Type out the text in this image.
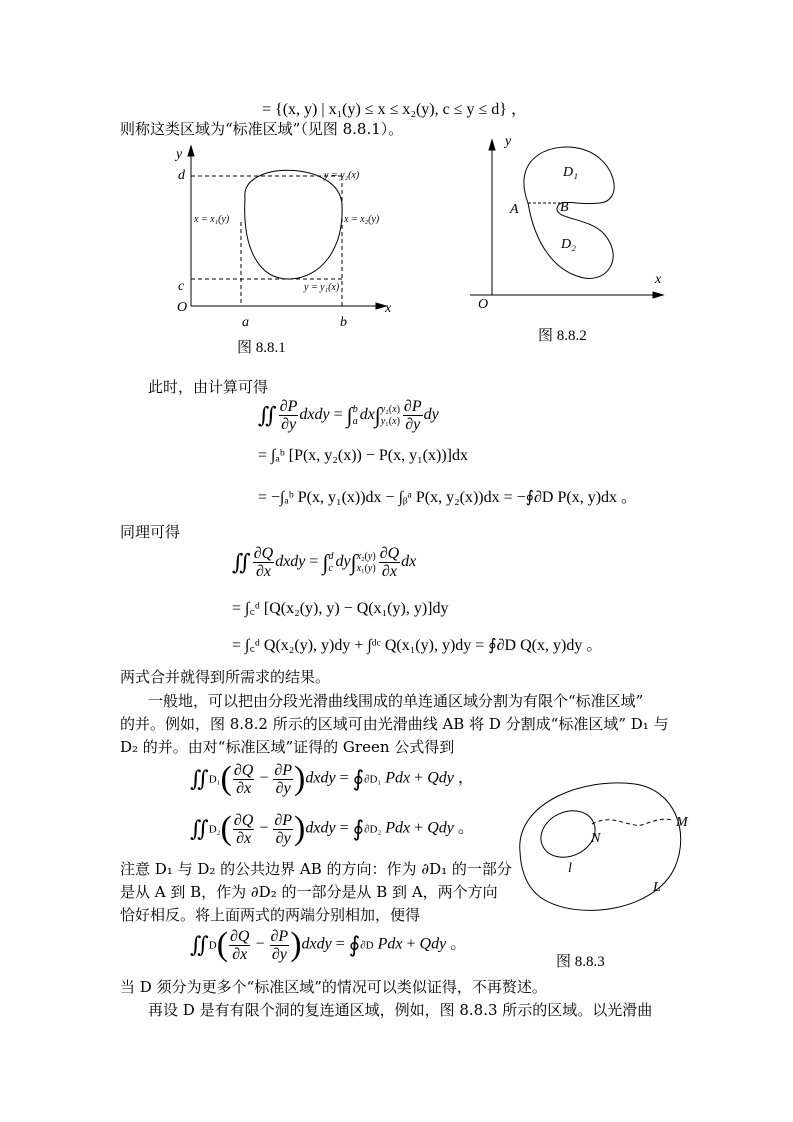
= {(x, y) | x₁(y) ≤ x ≤ x₂(y), c ≤ y ≤ d} ，
则称这类区域为“标准区域”（见图 8.8.1）。
y
d
c
O
a	b
x
y = y₂(x)
x = x₁(y)	x = x₂(y)
y = y₁(x)
图 8.8.1
y
D₁
D₂
A	B
O
x
图 8.8.2
此时，由计算可得
∬ $\frac{\partial P}{\partial y}$ dxdy = ∫b
a dx∫y₂(x)
$y_1(x) \frac{\partial P}{\partial y}$ dy
= ∫ₐᵇ [P(x, y₂(x)) − P(x, y₁(x))]dx
= −∫ₐᵇ P(x, y₁(x))dx − ∫ᵦᵃ P(x, y₂(x))dx = −∮∂D P(x, y)dx 。
同理可得
∬ $\frac{\partial Q}{\partial x}$ dxdy = ∫d
c dy∫x₂(y)
$x_1(y) \frac{\partial Q}{\partial x}$ dx
= ∫꜀ᵈ [Q(x₂(y), y) − Q(x₁(y), y)]dy
= ∫꜀ᵈ Q(x₂(y), y)dy + ∫ᵈᶜ Q(x₁(y), y)dy = ∮∂D Q(x, y)dy 。
两式合并就得到所需求的结果。
一般地，可以把由分段光滑曲线围成的单连通区域分割为有限个“标准区域”
的并。例如，图 8.8.2 所示的区域可由光滑曲线 AB 将 D 分割成“标准区域” D₁ 与
D₂ 的并。由对“标准区域”证得的 Green 公式得到
∬D₁( $\frac{\partial Q}{\partial x} - \frac{\partial P}{\partial y}$ )dxdy = ∮∂D₁ Pdx + Qdy ，
∬D₂( $\frac{\partial Q}{\partial x} - \frac{\partial P}{\partial y}$ )dxdy = ∮∂D₂ Pdx + Qdy 。
注意 D₁ 与 D₂ 的公共边界 AB 的方向：作为 ∂D₁ 的一部分
是从 A 到 B，作为 ∂D₂ 的一部分是从 B 到 A，两个方向
恰好相反。将上面两式的两端分别相加，便得
∬D( $\frac{\partial Q}{\partial x} - \frac{\partial P}{\partial y}$ )dxdy = ∮∂D Pdx + Qdy 。
M
N
l
L
图 8.8.3
当 D 须分为更多个“标准区域”的情况可以类似证得，不再赘述。
再设 D 是有有限个洞的复连通区域，例如，图 8.8.3 所示的区域。以光滑曲
